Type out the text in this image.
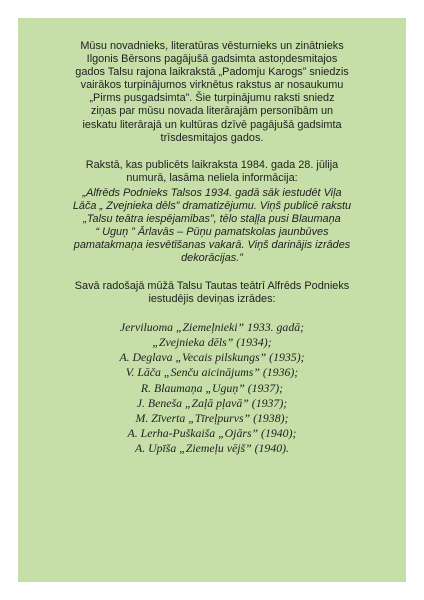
Mūsu novadnieks, literatūras vēsturnieks un zinātnieks
Ilgonis Bērsons pagājušā gadsimta astoņdesmitajos
gados Talsu rajona laikrakstā „Padomju Karogs” sniedzis
vairākos turpinājumos virknētus rakstus ar nosaukumu
„Pirms pusgadsimta”. Šie turpinājumu raksti sniedz
ziņas par mūsu novada literārajām personībām un
ieskatu literārajā un kultūras dzīvē pagājušā gadsimta
trīsdesmitajos gados.

Rakstā, kas publicēts laikraksta 1984. gada 28. jūlija
numurā, lasāma neliela informācija:

„Alfrēds Podnieks Talsos 1934. gadā sāk iestudēt Viļa
Lāča „ Zvejnieka dēls” dramatizējumu. Viņš publicē rakstu
„Talsu teātra iespējamības”, tēlo staļļa pusi Blaumaņa
“ Uguņ ” Ārlavās – Pūņu pamatskolas jaunbūves
pamatakmaņa iesvētīšanas vakarā. Viņš darinājis izrādes
dekorācijas.”

Savā radošajā mūžā Talsu Tautas teātrī Alfrēds Podnieks
iestudējis deviņas izrādes:

Jerviluoma „Ziemeļnieki” 1933. gadā;
„Zvejnieka dēls” (1934);
A. Deglava „Vecais pilskungs” (1935);
V. Lāča „Senču aicinājums” (1936);
R. Blaumaņa „Uguņ” (1937);
J. Beneša „Zaļā pļavā” (1937);
M. Zīverta „Tīreļpurvs” (1938);
A. Lerha-Puškaiša „Ojārs” (1940);
A. Upīša „Ziemeļu vējš” (1940).
